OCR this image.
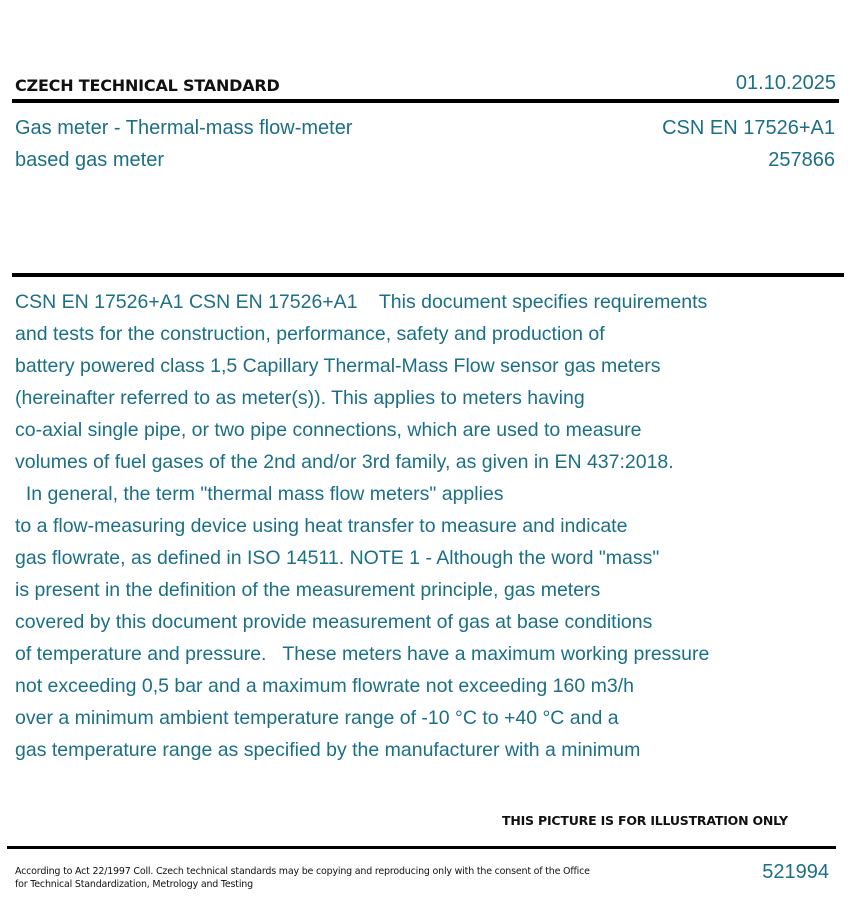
CZECH TECHNICAL STANDARD	01.10.2025
Gas meter - Thermal-mass flow-meter
based gas meter
CSN EN 17526+A1
257866
CSN EN 17526+A1 CSN EN 17526+A1    This document specifies requirements
and tests for the construction, performance, safety and production of
battery powered class 1,5 Capillary Thermal-Mass Flow sensor gas meters
(hereinafter referred to as meter(s)). This applies to meters having
co-axial single pipe, or two pipe connections, which are used to measure
volumes of fuel gases of the 2nd and/or 3rd family, as given in EN 437:2018.
In general, the term "thermal mass flow meters" applies
to a flow-measuring device using heat transfer to measure and indicate
gas flowrate, as defined in ISO 14511. NOTE 1 - Although the word "mass"
is present in the definition of the measurement principle, gas meters
covered by this document provide measurement of gas at base conditions
of temperature and pressure.   These meters have a maximum working pressure
not exceeding 0,5 bar and a maximum flowrate not exceeding 160 m3/h
over a minimum ambient temperature range of -10 °C to +40 °C and a
gas temperature range as specified by the manufacturer with a minimum
THIS PICTURE IS FOR ILLUSTRATION ONLY
According to Act 22/1997 Coll. Czech technical standards may be copying and reproducing only with the consent of the Office
for Technical Standardization, Metrology and Testing
521994
